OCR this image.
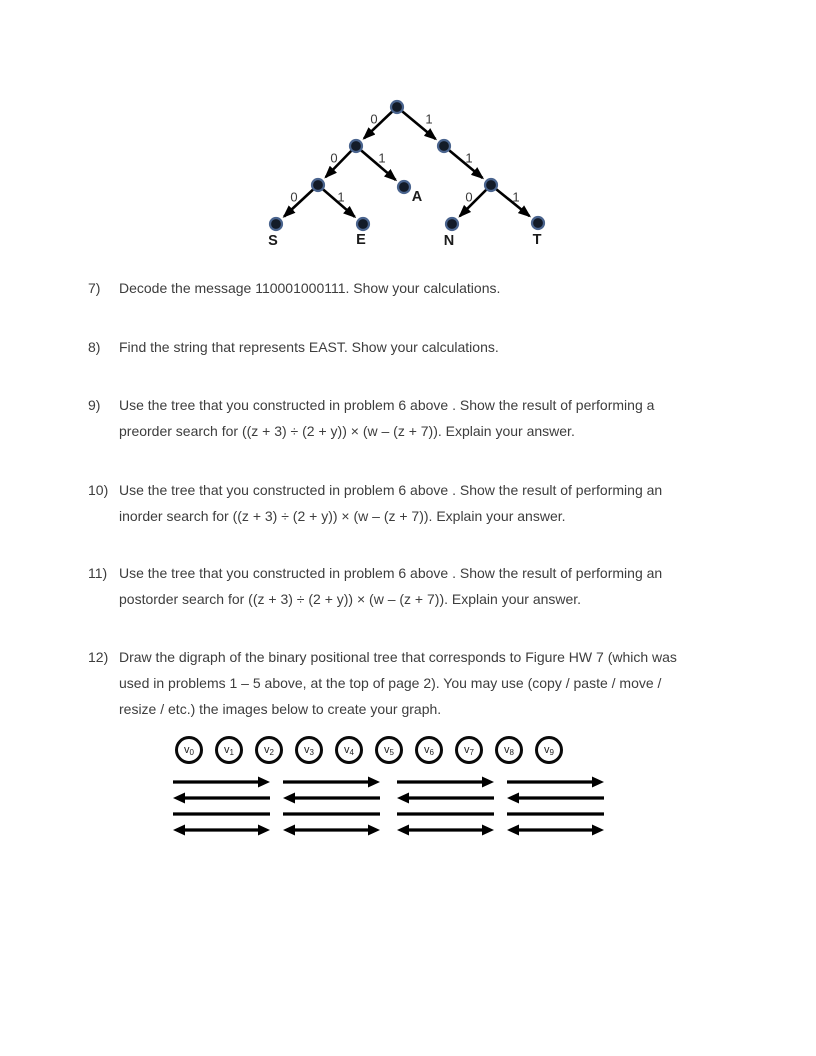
0	1
0	1	1
0	1	0	1
S	E
A
N	T
7)	Decode the message 110001000111. Show your calculations.
8)	Find the string that represents EAST. Show your calculations.
9)	Use the tree that you constructed in problem 6 above . Show the result of performing a
preorder search for ((z + 3) ÷ (2 + y)) × (w – (z + 7)). Explain your answer.
10) Use the tree that you constructed in problem 6 above . Show the result of performing an
inorder search for ((z + 3) ÷ (2 + y)) × (w – (z + 7)). Explain your answer.
11) Use the tree that you constructed in problem 6 above . Show the result of performing an
postorder search for ((z + 3) ÷ (2 + y)) × (w – (z + 7)). Explain your answer.
12) Draw the digraph of the binary positional tree that corresponds to Figure HW 7 (which was
used in problems 1 – 5 above, at the top of page 2). You may use (copy / paste / move /
resize / etc.) the images below to create your graph.
v 0	v 1	v 2	v 3	v 4	v 5	v 6	v 7	v 8	v 9
